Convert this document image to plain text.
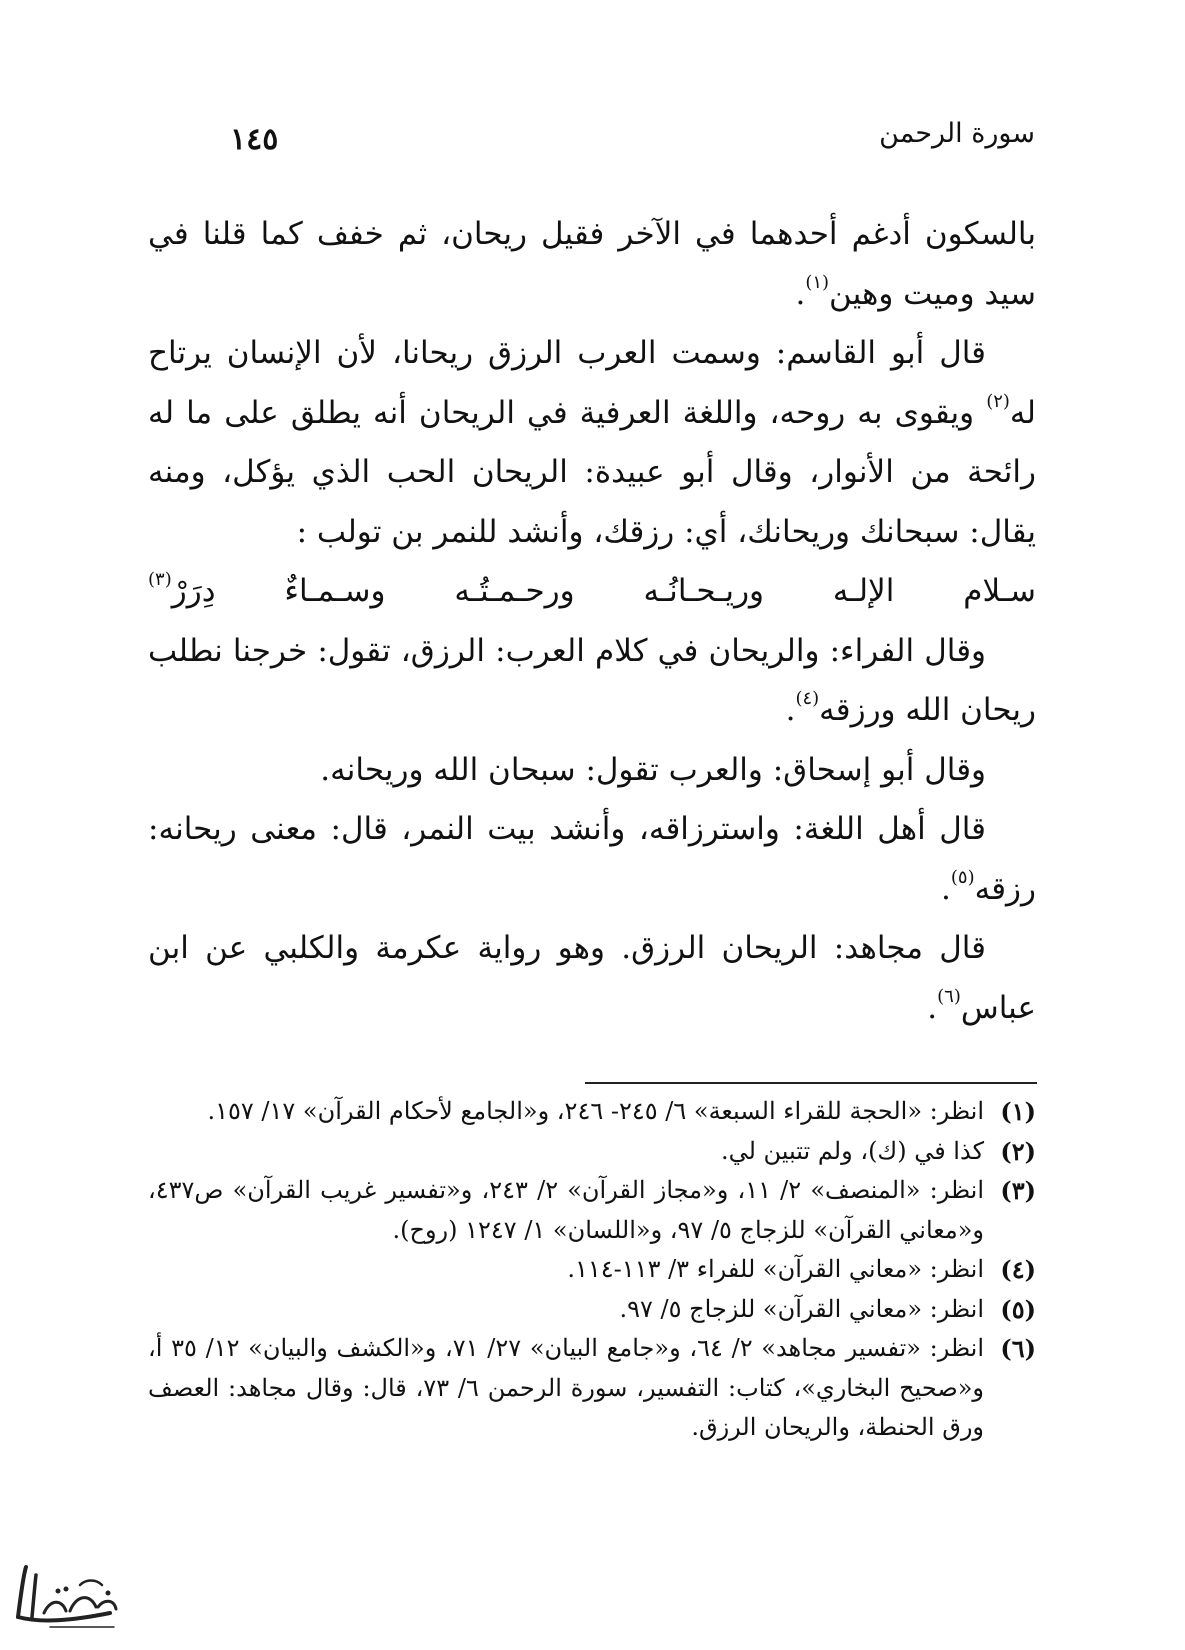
سورة الرحمن
١٤٥

بالسكون أدغم أحدهما في الآخر فقيل ريحان، ثم خفف كما قلنا في سيد وميت وهين$^{(١)}$.

قال أبو القاسم: وسمت العرب الرزق ريحانا، لأن الإنسان يرتاح له$^{(٢)}$ ويقوى به روحه، واللغة العرفية في الريحان أنه يطلق على ما له رائحة من الأنوار، وقال أبو عبيدة: الريحان الحب الذي يؤكل، ومنه يقال: سبحانك وريحانك، أي: رزقك، وأنشد للنمر بن تولب :

سـلام
الإلـه
وريـحـانُـه
ورحـمـتُـه
وسـمـاءٌ
دِرَرْ$^{(٣)}$

وقال الفراء: والريحان في كلام العرب: الرزق، تقول: خرجنا نطلب ريحان الله ورزقه$^{(٤)}$.

وقال أبو إسحاق: والعرب تقول: سبحان الله وريحانه.

قال أهل اللغة: واسترزاقه، وأنشد بيت النمر، قال: معنى ريحانه: رزقه$^{(٥)}$.

قال مجاهد: الريحان الرزق. وهو رواية عكرمة والكلبي عن ابن عباس$^{(٦)}$.

(١)
انظر: «الحجة للقراء السبعة» ٦/ ٢٤٥- ٢٤٦، و«الجامع لأحكام القرآن» ١٧/ ١٥٧.
(٢)
كذا في (ك)، ولم تتبين لي.
(٣)
انظر: «المنصف» ٢/ ١١، و«مجاز القرآن» ٢/ ٢٤٣، و«تفسير غريب القرآن» ص٤٣٧، و«معاني القرآن» للزجاج ٥/ ٩٧، و«اللسان» ١/ ١٢٤٧ (روح).
(٤)
انظر: «معاني القرآن» للفراء ٣/ ١١٣-١١٤.
(٥)
انظر: «معاني القرآن» للزجاج ٥/ ٩٧.
(٦)
انظر: «تفسير مجاهد» ٢/ ٦٤، و«جامع البيان» ٢٧/ ٧١، و«الكشف والبيان» ١٢/ ٣٥ أ، و«صحيح البخاري»، كتاب: التفسير، سورة الرحمن ٦/ ٧٣، قال: وقال مجاهد: العصف ورق الحنطة، والريحان الرزق.
